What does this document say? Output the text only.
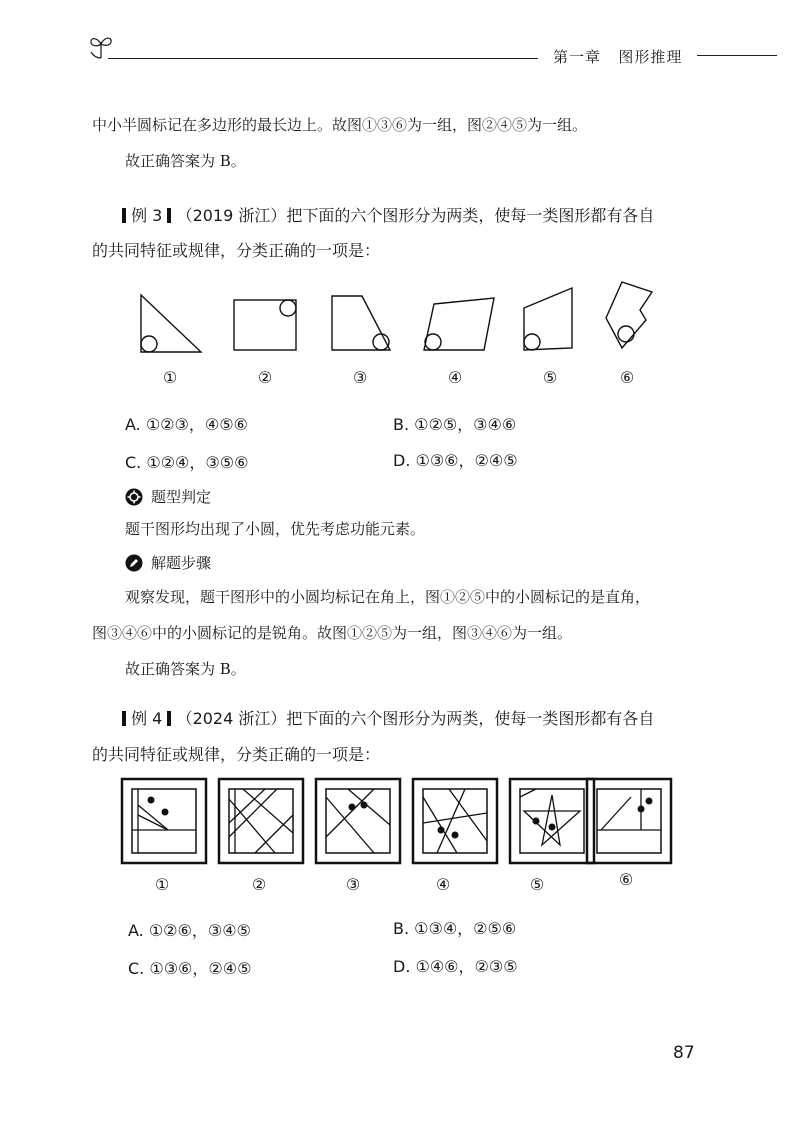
第一章 图形推理
中小半圆标记在多边形的最长边上。故图①③⑥为一组，图②④⑤为一组。
故正确答案为 B。
例 3 （2019 浙江）把下面的六个图形分为两类，使每一类图形都有各自
的共同特征或规律，分类正确的一项是：
①	②	③	④	⑤	⑥
A. ①②③，④⑤⑥	B. ①②⑤，③④⑥
C. ①②④，③⑤⑥	D. ①③⑥，②④⑤
题型判定
题干图形均出现了小圆，优先考虑功能元素。
解题步骤
观察发现，题干图形中的小圆均标记在角上，图①②⑤中的小圆标记的是直角，
图③④⑥中的小圆标记的是锐角。故图①②⑤为一组，图③④⑥为一组。
故正确答案为 B。
例 4 （2024 浙江）把下面的六个图形分为两类，使每一类图形都有各自
的共同特征或规律，分类正确的一项是：
①	②	③	④	⑤	⑥
A. ①②⑥，③④⑤	B. ①③④，②⑤⑥
C. ①③⑥，②④⑤	D. ①④⑥，②③⑤
87
